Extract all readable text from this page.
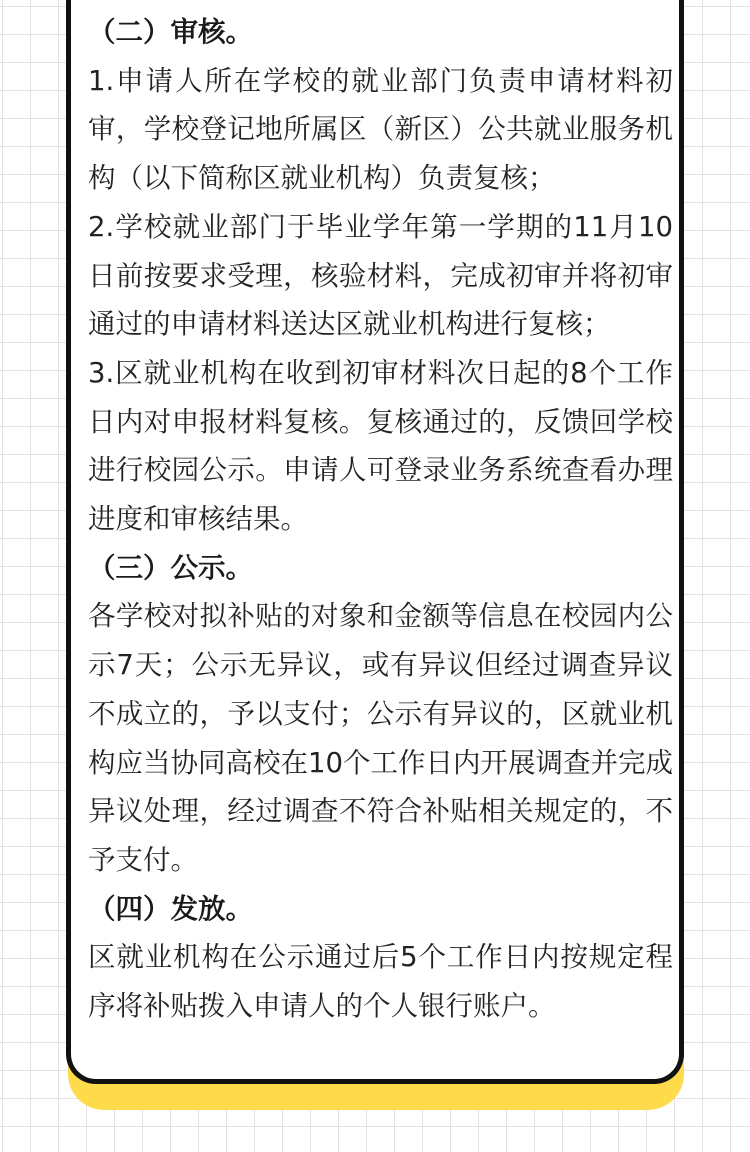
（二）审核。

1.申请人所在学校的就业部门负责申请材料初审，学校登记地所属区（新区）公共就业服务机构（以下简称区就业机构）负责复核；

2.学校就业部门于毕业学年第一学期的11月10日前按要求受理，核验材料，完成初审并将初审通过的申请材料送达区就业机构进行复核；

3.区就业机构在收到初审材料次日起的8个工作日内对申报材料复核。复核通过的，反馈回学校进行校园公示。申请人可登录业务系统查看办理进度和审核结果。

（三）公示。

各学校对拟补贴的对象和金额等信息在校园内公示7天；公示无异议，或有异议但经过调查异议不成立的，予以支付；公示有异议的，区就业机构应当协同高校在10个工作日内开展调查并完成异议处理，经过调查不符合补贴相关规定的，不予支付。

（四）发放。

区就业机构在公示通过后5个工作日内按规定程序将补贴拨入申请人的个人银行账户。
